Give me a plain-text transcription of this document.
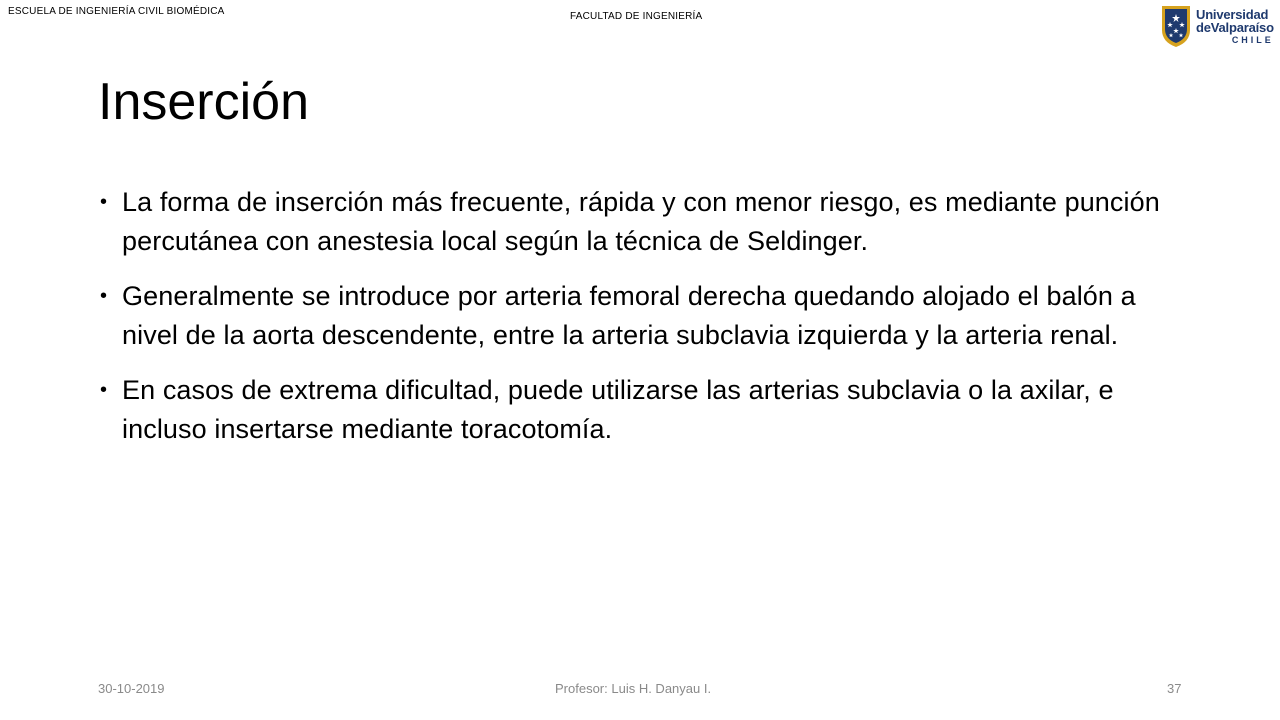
ESCUELA DE INGENIERÍA CIVIL BIOMÉDICA	FACULTAD DE INGENIERÍA	Universidad
deValparaíso
CHILE
Inserción
• La forma de inserción más frecuente, rápida y con menor riesgo, es mediante punción percutánea con anestesia local según la técnica de Seldinger.
• Generalmente se introduce por arteria femoral derecha quedando alojado el balón a nivel de la aorta descendente, entre la arteria subclavia izquierda y la arteria renal.
• En casos de extrema dificultad, puede utilizarse las arterias subclavia o la axilar, e incluso insertarse mediante toracotomía.
30-10-2019	Profesor: Luis H. Danyau I.	37
